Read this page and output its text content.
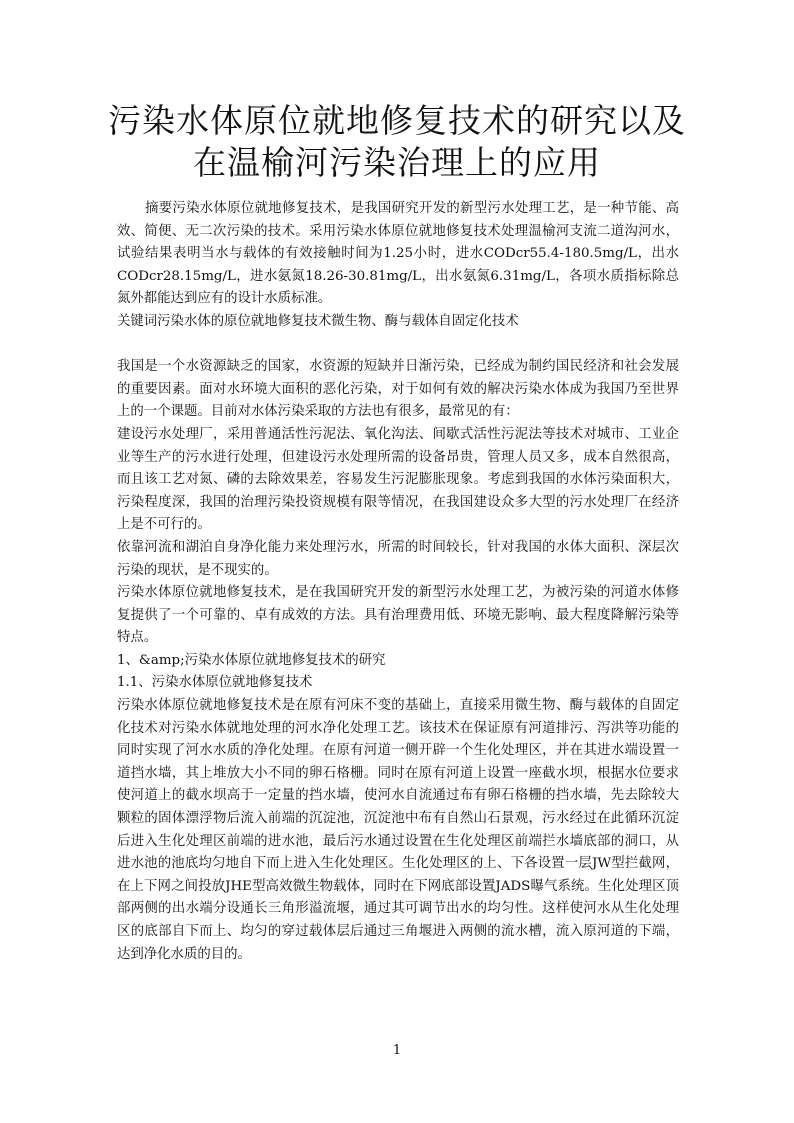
污染水体原位就地修复技术的研究以及
在温榆河污染治理上的应用

摘要污染水体原位就地修复技术，是我国研究开发的新型污水处理工艺，是一种节能、高效、简便、无二次污染的技术。采用污染水体原位就地修复技术处理温榆河支流二道沟河水，试验结果表明当水与载体的有效接触时间为1.25小时，进水CODcr55.4-180.5mg/L，出水CODcr28.15mg/L，进水氨氮18.26-30.81mg/L，出水氨氮6.31mg/L，各项水质指标除总氮外都能达到应有的设计水质标准。

关键词污染水体的原位就地修复技术微生物、酶与载体自固定化技术

我国是一个水资源缺乏的国家，水资源的短缺并日渐污染，已经成为制约国民经济和社会发展的重要因素。面对水环境大面积的恶化污染，对于如何有效的解决污染水体成为我国乃至世界上的一个课题。目前对水体污染采取的方法也有很多，最常见的有：

建设污水处理厂，采用普通活性污泥法、氧化沟法、间歇式活性污泥法等技术对城市、工业企业等生产的污水进行处理，但建设污水处理所需的设备昂贵，管理人员又多，成本自然很高，而且该工艺对氮、磷的去除效果差，容易发生污泥膨胀现象。考虑到我国的水体污染面积大，污染程度深，我国的治理污染投资规模有限等情况，在我国建设众多大型的污水处理厂在经济上是不可行的。

依靠河流和湖泊自身净化能力来处理污水，所需的时间较长，针对我国的水体大面积、深层次污染的现状，是不现实的。

污染水体原位就地修复技术，是在我国研究开发的新型污水处理工艺，为被污染的河道水体修复提供了一个可靠的、卓有成效的方法。具有治理费用低、环境无影响、最大程度降解污染等特点。

1、&amp;污染水体原位就地修复技术的研究

1.1、污染水体原位就地修复技术

污染水体原位就地修复技术是在原有河床不变的基础上，直接采用微生物、酶与载体的自固定化技术对污染水体就地处理的河水净化处理工艺。该技术在保证原有河道排污、泻洪等功能的同时实现了河水水质的净化处理。在原有河道一侧开辟一个生化处理区，并在其进水端设置一道挡水墙，其上堆放大小不同的卵石格栅。同时在原有河道上设置一座截水坝，根据水位要求使河道上的截水坝高于一定量的挡水墙，使河水自流通过布有卵石格栅的挡水墙，先去除较大颗粒的固体漂浮物后流入前端的沉淀池，沉淀池中布有自然山石景观，污水经过在此循环沉淀后进入生化处理区前端的进水池，最后污水通过设置在生化处理区前端拦水墙底部的洞口，从进水池的池底均匀地自下而上进入生化处理区。生化处理区的上、下各设置一层JW型拦截网，在上下网之间投放JHE型高效微生物载体，同时在下网底部设置JADS曝气系统。生化处理区顶部两侧的出水端分设通长三角形溢流堰，通过其可调节出水的均匀性。这样使河水从生化处理区的底部自下而上、均匀的穿过载体层后通过三角堰进入两侧的流水槽，流入原河道的下端，达到净化水质的目的。

1
